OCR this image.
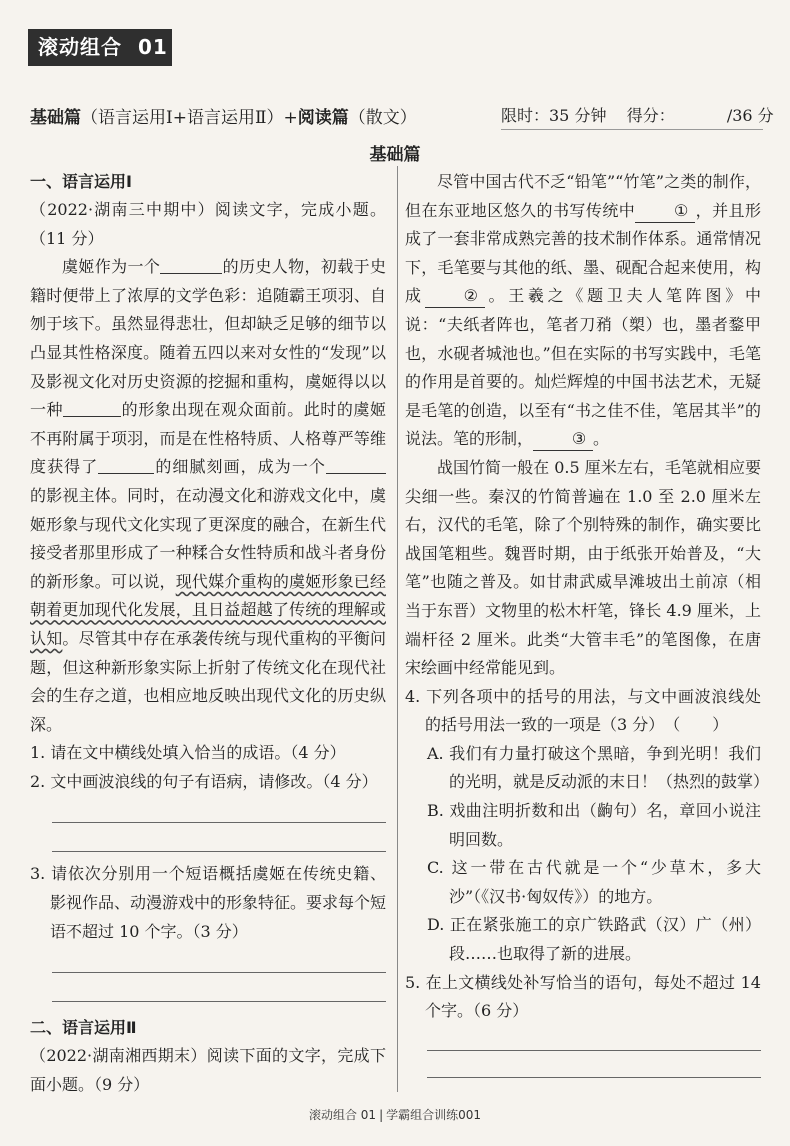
滚动组合 01
基础篇（语言运用Ⅰ+语言运用Ⅱ）+阅读篇（散文）	限时：35 分钟 得分：	/36 分
基础篇
一、语言运用Ⅰ

（2022·湖南三中期中）阅读文字，完成小题。（11 分）

虞姬作为一个	的历史人物，初载于史籍时便带上了浓厚的文学色彩：追随霸王项羽、自刎于垓下。虽然显得悲壮，但却缺乏足够的细节以凸显其性格深度。随着五四以来对女性的“发现”以及影视文化对历史资源的挖掘和重构，虞姬得以以一种	的形象出现在观众面前。此时的虞姬不再附属于项羽，而是在性格特质、人格尊严等维度获得了	的细腻刻画，成为一个的影视主体。同时，在动漫文化和游戏文化中，虞姬形象与现代文化实现了更深度的融合，在新生代接受者那里形成了一种糅合女性特质和战斗者身份的新形象。可以说，现代媒介重构的虞姬形象已经朝着更加现代化发展，且日益超越了传统的理解或认知。尽管其中存在承袭传统与现代重构的平衡问题，但这种新形象实际上折射了传统文化在现代社会的生存之道，也相应地反映出现代文化的历史纵深。

1. 请在文中横线处填入恰当的成语。（4 分）

2. 文中画波浪线的句子有语病，请修改。（4 分）

3. 请依次分别用一个短语概括虞姬在传统史籍、影视作品、动漫游戏中的形象特征。要求每个短语不超过 10 个字。（3 分）

二、语言运用Ⅱ

（2022·湖南湘西期末）阅读下面的文字，完成下面小题。（9 分）

尽管中国古代不乏“铅笔”“竹笔”之类的制作，但在东亚地区悠久的书写传统中 ① ，并且形成了一套非常成熟完善的技术制作体系。通常情况下，毛笔要与其他的纸、墨、砚配合起来使用，构成 ② 。王羲之《题卫夫人笔阵图》中说：“夫纸者阵也，笔者刀矟（槊）也，墨者鍪甲也，水砚者城池也。”但在实际的书写实践中，毛笔的作用是首要的。灿烂辉煌的中国书法艺术，无疑是毛笔的创造，以至有“书之佳不佳，笔居其半”的说法。笔的形制， ③ 。

战国竹简一般在 0.5 厘米左右，毛笔就相应要尖细一些。秦汉的竹简普遍在 1.0 至 2.0 厘米左右，汉代的毛笔，除了个别特殊的制作，确实要比战国笔粗些。魏晋时期，由于纸张开始普及，“大笔”也随之普及。如甘肃武威旱滩坡出土前凉（相当于东晋）文物里的松木杆笔，锋长 4.9 厘米，上端杆径 2 厘米。此类“大管丰毛”的笔图像，在唐宋绘画中经常能见到。

4. 下列各项中的括号的用法，与文中画波浪线处的括号用法一致的一项是（3 分）　（　　）

A. 我们有力量打破这个黑暗，争到光明！我们的光明，就是反动派的末日！（热烈的鼓掌）

B. 戏曲注明折数和出（齣句）名，章回小说注明回数。

C. 这一带在古代就是一个“少草木，多大沙”（《汉书·匈奴传》）的地方。

D. 正在紧张施工的京广铁路武（汉）广（州）段……也取得了新的进展。

5. 在上文横线处补写恰当的语句，每处不超过 14 个字。（6 分）

滚动组合 01 | 学霸组合训练001
